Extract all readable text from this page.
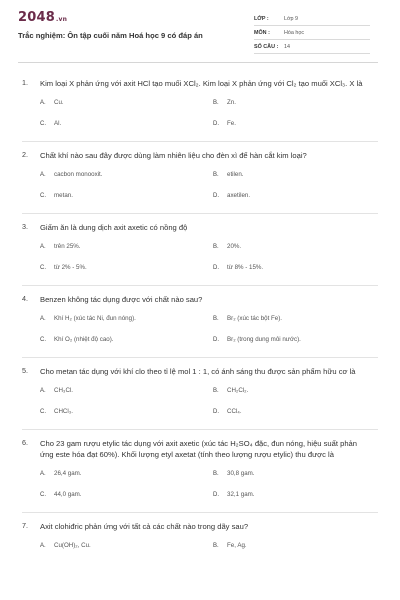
2048.vn
Trắc nghiệm: Ôn tập cuối năm Hoá học 9 có đáp án
LỚP :	Lớp 9
MÔN :	Hóa học
SỐ CÂU : 14
1. Kim loại X phản ứng với axit HCl tạo muối XCl₂. Kim loại X phản ứng với Cl₂ tạo muối XCl₃. X là
A. Cu.	B. Zn.
C. Al.	D. Fe.
2. Chất khí nào sau đây được dùng làm nhiên liệu cho đèn xì để hàn cắt kim loại?
A. cacbon monooxit.	B. etilen.
C. metan.	D. axetilen.
3. Giấm ăn là dung dịch axit axetic có nồng độ
A. trên 25%.	B. 20%.
C. từ 2% - 5%.	D. từ 8% - 15%.
4. Benzen không tác dụng được với chất nào sau?
A. Khí H₂ (xúc tác Ni, đun nóng).	B. Br₂ (xúc tác bột Fe).
C. Khí O₂ (nhiệt độ cao).	D. Br₂ (trong dung môi nước).
5. Cho metan tác dụng với khí clo theo tỉ lệ mol 1 : 1, có ánh sáng thu được sản phẩm hữu cơ là
A. CH₃Cl.	B. CH₂Cl₂.
C. CHCl₃.	D. CCl₄.
6. Cho 23 gam rượu etylic tác dụng với axit axetic (xúc tác H₂SO₄ đặc, đun nóng, hiệu suất phản ứng este hóa đạt 60%). Khối lượng etyl axetat (tính theo lượng rượu etylic) thu được là
A. 26,4 gam.	B. 30,8 gam.
C. 44,0 gam.	D. 32,1 gam.
7. Axit clohiđric phản ứng với tất cả các chất nào trong dãy sau?
A. Cu(OH)₂, Cu.	B. Fe, Ag.
